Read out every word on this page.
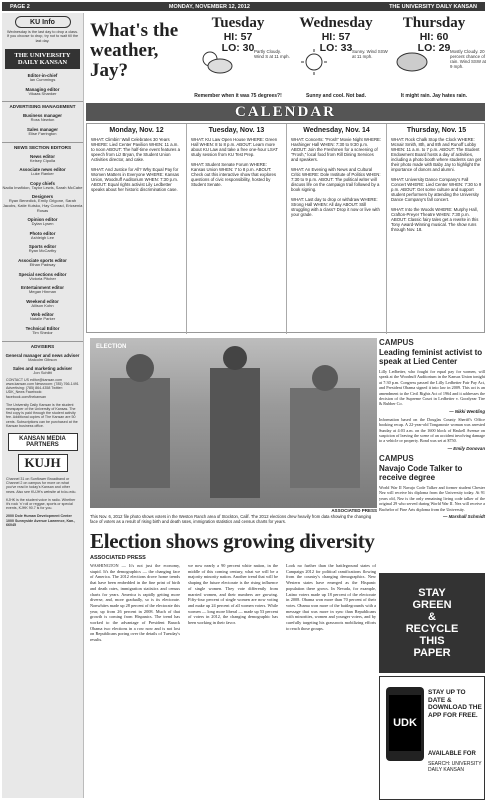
PAGE 2	MONDAY, NOVEMBER 12, 2012	THE UNIVERSITY DAILY KANSAN
KU Info
Wednesday is the last day to drop a class. If you choose to drop, try not to wait till the last day.
THE UNIVERSITY DAILY KANSAN
Editor-in-chief
Ian Cummings
Managing editor
Vikaas Shanker
ADVERTISING MANAGEMENT
Business manager
Ross Newton
Sales manager
Elise Farrington
NEWS SECTION EDITORS
News editor
Kelsey Cipolla
Associate news editor
Luke Ranker
Copy chiefs
Nadia Imafidon, Taylor Lewis, Sarah McCabe
Designers
Ryan Benedick, Emily Grigone, Sarah Jacobs, Katie Kutsko, Hay Conrad, Ericsenia Rosas
Opinion editor
Dylan Lysen
Photo editor
Ashleigh Lee
Sports editor
Ryan McCarthy
Associate sports editor
Ethan Padway
Special sections editor
Victoria Pitcher
Entertainment editor
Megan Hinman
Weekend editor
Allison Kohn
Web editor
Natalie Parker
Technical Editor
Tim Shedor
ADVISERS
General manager and news adviser
Malcolm Gibson
Sales and marketing adviser
Jon Schlitt
CONTACT US editor@kansan.com www.kansan.com Newsroom: (785) 766-1491 Advertising: (785) 864-4358 Twitter: UDK_News Facebook: facebook.com/thekansan
The University Daily Kansan is the student newspaper of the University of Kansas. The first copy is paid through the student activity fee. Additional copies of The Kansan are 50 cents. Subscriptions can be purchased at the Kansan business office.
KANSAN MEDIA PARTNERS
KUJH
Channel 31 on Sunflower Broadband or Channel 2 on campus for more on what you've read in today's Kansan and other news. Also see KUJH's website at tv.ku.edu.
KJHK is the student voice in radio. Whether it's rock 'n' roll or reggae, sports or special events, KJHK 90.7 is for you.
2000 Dole Human Development Center 1000 Sunnyside Avenue Lawrence, Kan., 66045
What's the weather, Jay?
Tuesday
HI: 57
LO: 30 Partly Cloudy. Wind S at 11 mph.
Remember when it was 75 degrees?!
Wednesday
HI: 57
LO: 33 Sunny. Wind SSW at 11 mph.
Sunny and cool. Not bad.
Thursday
HI: 60
LO: 29 Mostly Cloudy. 20 percent chance of rain. Wind SSW at 9 mph.
It might rain. Jay hates rain.
CALENDAR
Monday, Nov. 12

WHAT: Climbin' Wall Celebrates 30 Years WHERE: Lied Center Pavilion WHEN: 11 a.m. to noon ABOUT: The half-time event features a speech from Liz Bryan, the Student Union Activities director, and cake.

WHAT: And Justice for All? Why Equal Pay for Women Matters in Everyone WHERE: Kansas Union, Woodruff Auditorium WHEN: 7:30 p.m. ABOUT: Equal rights activist Lily Ledbetter speaks about her historic discrimination case.

Tuesday, Nov. 13

WHAT: KU Law Open House WHERE: Green Hall WHEN: 8 to 8 p.m. ABOUT: Learn more about KU Law and take a free one-hour LSAT study session from KU Test Prep.

WHAT: Student Senate Forum WHERE: Kansas Union WHEN: 7 to 8 p.m. ABOUT: Check out this interactive show that explores questions of civic responsibility, hosted by Student Senate.

Wednesday, Nov. 14

WHAT: Concerts: "Frosh" Movie Night WHERE: Hashinger Hall WHEN: 7:30 to 9:30 p.m. ABOUT: Join the Freshmen for a screening of "Frosh," local food from Rill Dining Services and speakers.

WHAT: An Evening with News and Cultural Critic WHERE: Dole Institute of Politics WHEN: 7:30 to 9 p.m. ABOUT: The political writer will discuss life on the campaign trail followed by a book signing.

WHAT: Last day to drop or withdraw WHERE: Strong Hall WHEN: All day ABOUT: Still struggling with a class? Drop it now or live with your grade.

Thursday, Nov. 15

WHAT: Rock Chalk Stop the Clock WHERE: Mcnair Smith, 8th, and 8th and Runoff Lobby WHEN: 11 a.m. to 7 p.m. ABOUT: The Student Endowment Board hosts a day of activities, including a photo booth where students can get their photo made with Baby Jay to highlight the importance of donors and alumni.

WHAT: University Dance Company's Fall Concert WHERE: Lied Center WHEN: 7:30 to 9 p.m. ABOUT: Get some culture and support student performers by attending the University Dance Company's fall concert.

WHAT: Into the Woods WHERE: Murphy Hall, Crafton-Preyer Theatre WHEN: 7:30 p.m. ABOUT: Classic fairy tales get a rewrite in this Tony Award-Winning musical. The show runs through Nov. 18.

ELECTION
ASSOCIATED PRESS
This Nov. 6, 2012 file photo shows voters in the Weston Ranch area of Stockton, Calif. The 2012 elections drew heavily from data showing the changing face of voters as a result of rising birth and death rates, immigration statistics and census charts for years.
Election shows growing diversity
ASSOCIATED PRESS
WASHINGTON — It's not just the economy, stupid. It's the demographics — the changing face of America. The 2012 elections drove home trends that have been embedded in the fine print of birth and death rates, immigration statistics and census charts for years. America is rapidly getting more diverse, and, more gradually, so is its electorate. Nonwhites made up 28 percent of the electorate this year, up from 26 percent in 2008. Much of that growth is coming from Hispanics. The trend has worked to the advantage of President Barack Obama two elections in a row now and is not lost on Republicans poring over the details of Tuesday's results.
we now nearly a 90 percent white nation, in the middle of this coming century, what we will be a majority minority nation. Another trend that will be shaping the future electorate is the rising influence of single women. They vote differently from married women, and their numbers are growing. Fifty-four percent of single women are now voting and make up 24 percent of all women voters. While women — long more liberal — made up 53 percent of voters in 2012, the changing demographic has been working in their favor.
Look no further than the battleground states of Campaign 2012 for political ramifications flowing from the country's changing demographics. New Western states have emerged as the Hispanic population there grows. In Nevada, for example, Latino voters made up 18 percent of the electorate in 2008. Obama won more than 70 percent of their votes. Obama won more of the battlegrounds with a message that was more in sync than Republicans with minorities, women and younger voters, and by carefully targeting his grassroots mobilizing efforts to reach those groups.
CAMPUS
Leading feminist activist to speak at Lied Center
Lilly Ledbetter, who fought for equal pay for women, will speak at the Woodruff Auditorium in the Kansas Union tonight at 7:30 p.m. Congress passed the Lilly Ledbetter Fair Pay Act, and President Obama signed it into law in 2009. This act is an amendment to the Civil Rights Act of 1964 and it addresses the decision of the Supreme Court in Ledbetter v. Goodyear Tire & Rubber Co.
— Nikki Wentling
Information based on the Douglas County Sheriff's Office booking recap. A 22-year-old Tonganoxie woman was arrested Sunday at 4:03 a.m. on the 1600 block of Haskell Avenue on suspicion of leaving the scene of an accident involving damage to a vehicle or property. Bond was set at $750.
— Emily Donovan
CAMPUS
Navajo Code Talker to receive degree
World War II Navajo Code Talker and former student Chester Nez will receive his diploma from the University today. At 91 years old, Nez is the only remaining living code talker of the original 29 who served during World War II. Nez will receive a Bachelor of Fine Arts diploma from the University.
— Marshall Schmidt
STAY
GREEN
&
RECYCLE
THIS
PAPER
UDK
STAY UP TO DATE & DOWNLOAD THE APP FOR FREE.
AVAILABLE FOR
SEARCH: UNIVERSITY DAILY KANSAN
